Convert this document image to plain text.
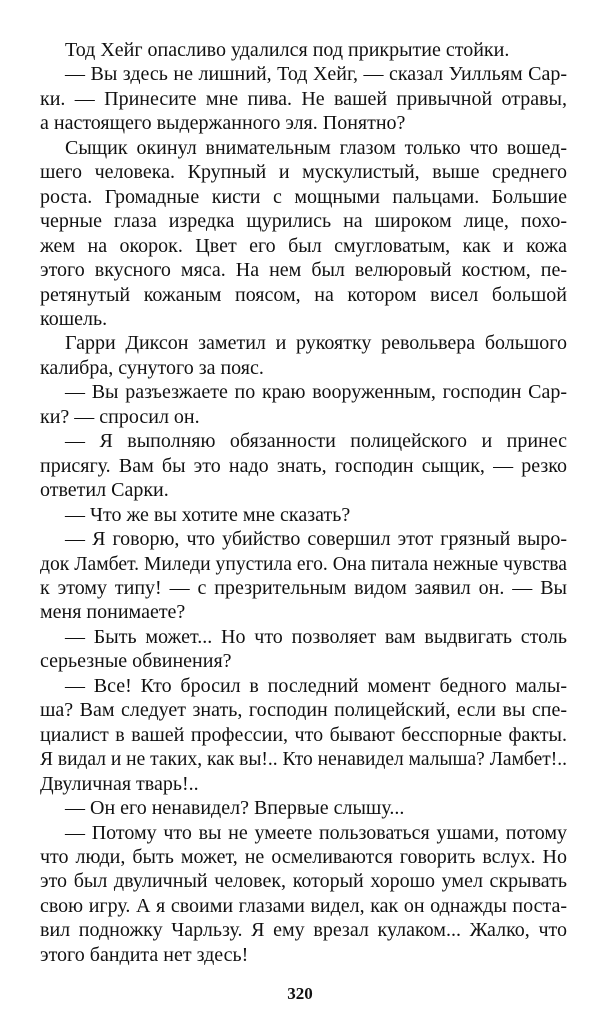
Тод Хейг опасливо удалился под прикрытие стойки.
— Вы здесь не лишний, Тод Хейг, — сказал Уилльям Сар-
ки. — Принесите мне пива. Не вашей привычной отравы,
а настоящего выдержанного эля. Понятно?
Сыщик окинул внимательным глазом только что вошед-
шего человека. Крупный и мускулистый, выше среднего
роста. Громадные кисти с мощными пальцами. Большие
черные глаза изредка щурились на широком лице, похо-
жем на окорок. Цвет его был смугловатым, как и кожа
этого вкусного мяса. На нем был велюровый костюм, пе-
ретянутый кожаным поясом, на котором висел большой
кошель.
Гарри Диксон заметил и рукоятку револьвера большого
калибра, сунутого за пояс.
— Вы разъезжаете по краю вооруженным, господин Сар-
ки? — спросил он.
— Я выполняю обязанности полицейского и принес
присягу. Вам бы это надо знать, господин сыщик, — резко
ответил Сарки.
— Что же вы хотите мне сказать?
— Я говорю, что убийство совершил этот грязный выро-
док Ламбет. Миледи упустила его. Она питала нежные чувства
к этому типу! — с презрительным видом заявил он. — Вы
меня понимаете?
— Быть может... Но что позволяет вам выдвигать столь
серьезные обвинения?
— Все! Кто бросил в последний момент бедного малы-
ша? Вам следует знать, господин полицейский, если вы спе-
циалист в вашей профессии, что бывают бесспорные факты.
Я видал и не таких, как вы!.. Кто ненавидел малыша? Ламбет!..
Двуличная тварь!..
— Он его ненавидел? Впервые слышу...
— Потому что вы не умеете пользоваться ушами, потому
что люди, быть может, не осмеливаются говорить вслух. Но
это был двуличный человек, который хорошо умел скрывать
свою игру. А я своими глазами видел, как он однажды поста-
вил подножку Чарльзу. Я ему врезал кулаком... Жалко, что
этого бандита нет здесь!
320
